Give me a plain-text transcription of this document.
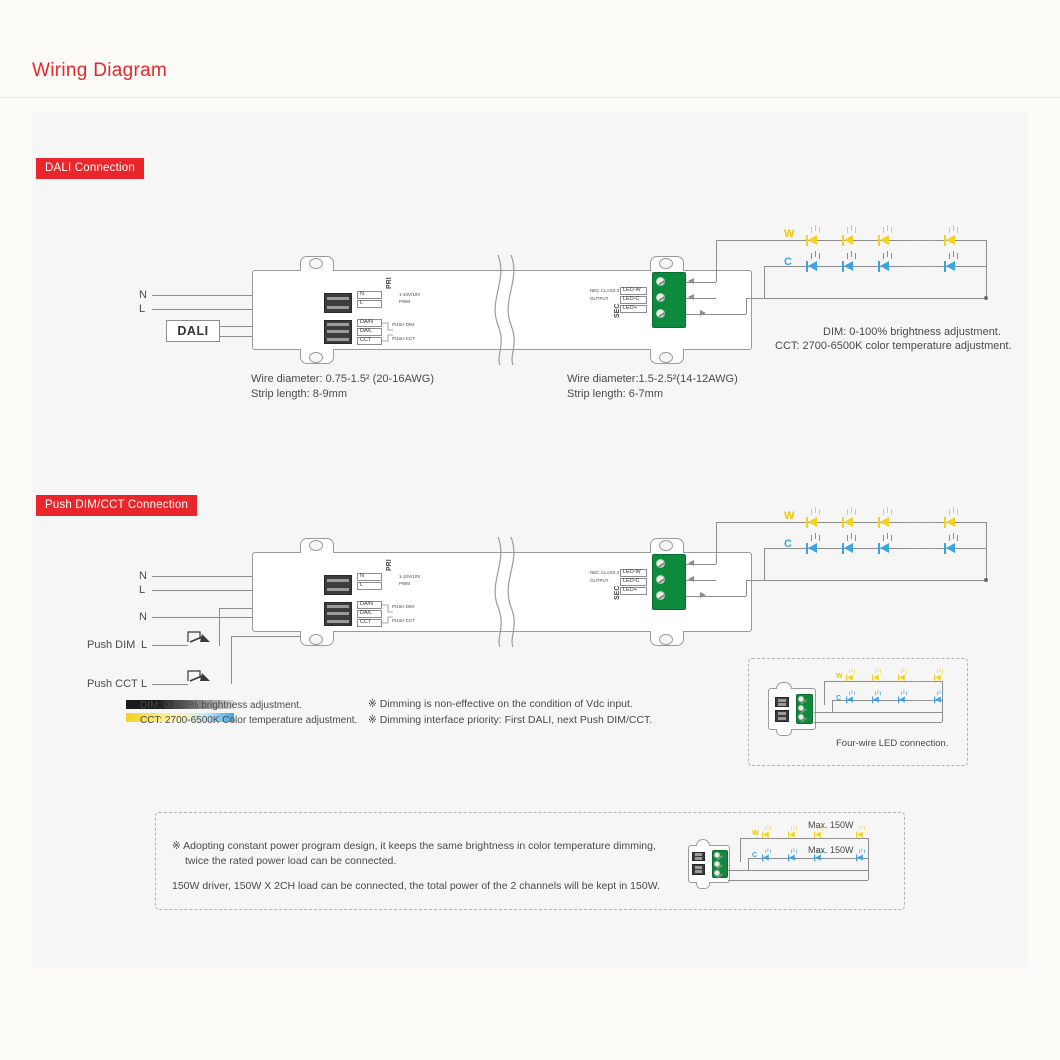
Wiring Diagram
DALI Connection
N
L
DALI
N
L
PRI
1-10V/10V
PWM
DA/N
DA/L
CCT
PUSH DIM
PUSH CCT
LED-W
LED-C
LED+
SEC
NEC CLASS 2
OUTPUT
W
C
DIM: 0-100% brightness adjustment.
CCT: 2700-6500K color temperature adjustment.
Wire diameter: 0.75-1.5² (20-16AWG)
Strip length: 8-9mm
Wire diameter:1.5-2.5²(14-12AWG)
Strip length: 6-7mm
Push DIM/CCT Connection
N
L
N
Push DIM L
Push CCT L
N
L
PRI
1-10V/10V
PWM
DA/N
DA/L
CCT
PUSH DIM
PUSH CCT
LED-W
LED-C
LED+
SEC
NEC CLASS 2
OUTPUT
W
C
DIM: 0-100% brightness adjustment.
CCT: 2700-6500K Color temperature adjustment.
※ Dimming is non-effective on the condition of Vdc input.
※ Dimming interface priority: First DALI, next Push DIM/CCT.
W
C
Four-wire LED connection.
※ Adopting constant power program design, it keeps the same brightness in color temperature dimming,
twice the rated power load can be connected.
150W driver, 150W X 2CH load can be connected, the total power of the 2 channels will be kept in 150W.
W
C
Max. 150W
Max. 150W
